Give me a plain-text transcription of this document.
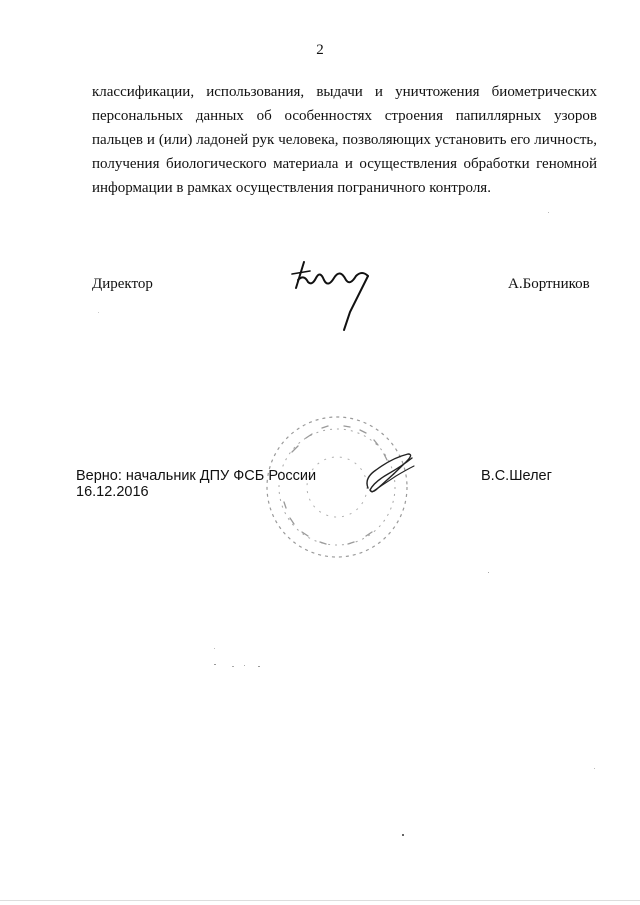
2

классификации, использования, выдачи и уничтожения биометрических персональных данных об особенностях строения папиллярных узоров пальцев и (или) ладоней рук человека, позволяющих установить его личность, получения биологического материала и осуществления обработки геномной информации в рамках осуществления пограничного контроля.

Директор	А.Бортников
Верно: начальник ДПУ ФСБ России
16.12.2016
В.С.Шелег
